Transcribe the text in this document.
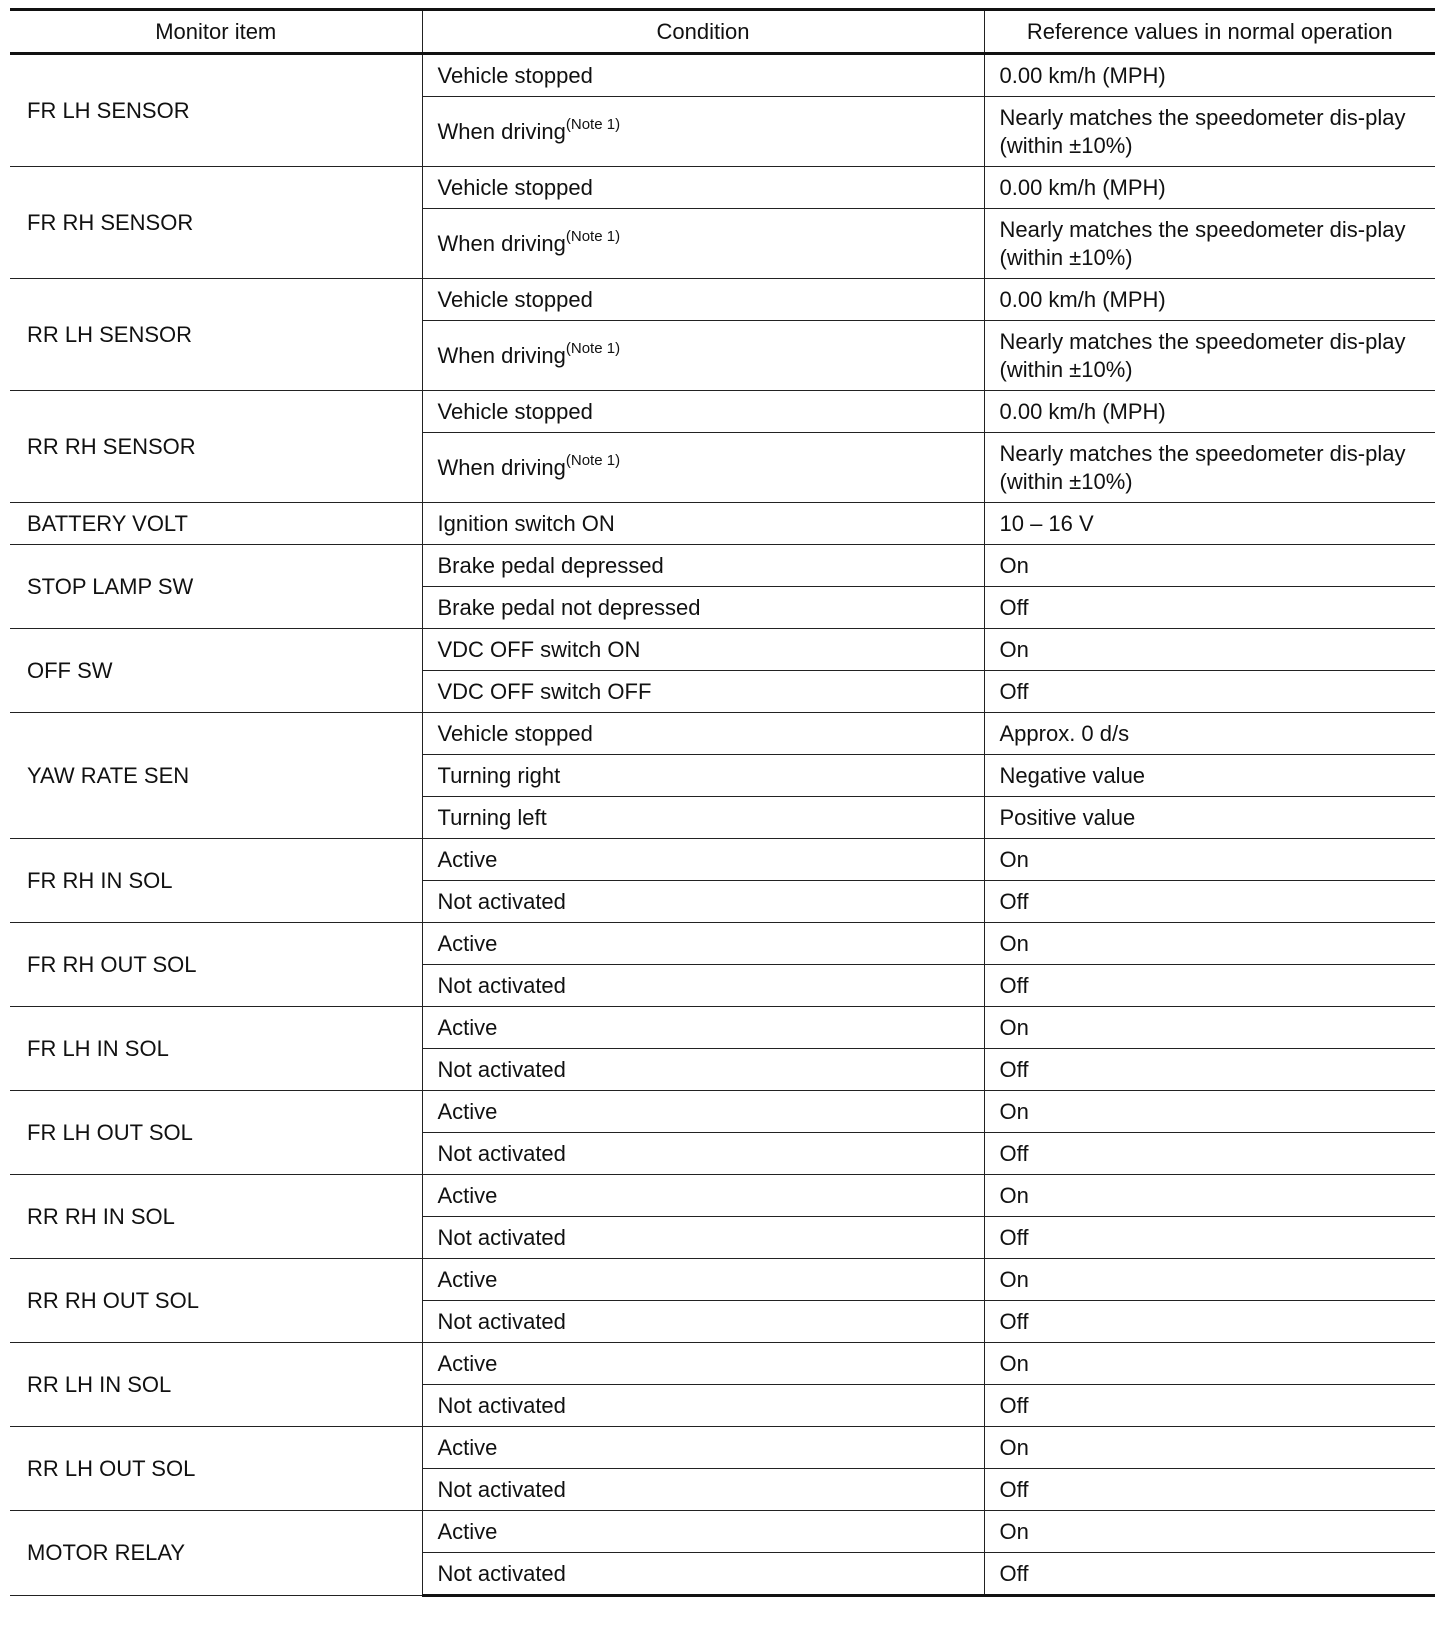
Monitor item	Condition	Reference values in normal operation
FR LH SENSOR	Vehicle stopped	0.00 km/h (MPH)
	When driving$^{(Note 1)}$	Nearly matches the speedometer dis-play (within ±10%)
FR RH SENSOR	Vehicle stopped	0.00 km/h (MPH)
	When driving$^{(Note 1)}$	Nearly matches the speedometer dis-play (within ±10%)
RR LH SENSOR	Vehicle stopped	0.00 km/h (MPH)
	When driving$^{(Note 1)}$	Nearly matches the speedometer dis-play (within ±10%)
RR RH SENSOR	Vehicle stopped	0.00 km/h (MPH)
	When driving$^{(Note 1)}$	Nearly matches the speedometer dis-play (within ±10%)
BATTERY VOLT	Ignition switch ON	10 – 16 V
STOP LAMP SW	Brake pedal depressed	On
	Brake pedal not depressed	Off
OFF SW	VDC OFF switch ON	On
	VDC OFF switch OFF	Off
YAW RATE SEN	Vehicle stopped	Approx. 0 d/s
	Turning right	Negative value
	Turning left	Positive value
FR RH IN SOL	Active	On
	Not activated	Off
FR RH OUT SOL	Active	On
	Not activated	Off
FR LH IN SOL	Active	On
	Not activated	Off
FR LH OUT SOL	Active	On
	Not activated	Off
RR RH IN SOL	Active	On
	Not activated	Off
RR RH OUT SOL	Active	On
	Not activated	Off
RR LH IN SOL	Active	On
	Not activated	Off
RR LH OUT SOL	Active	On
	Not activated	Off
MOTOR RELAY	Active	On
	Not activated	Off
